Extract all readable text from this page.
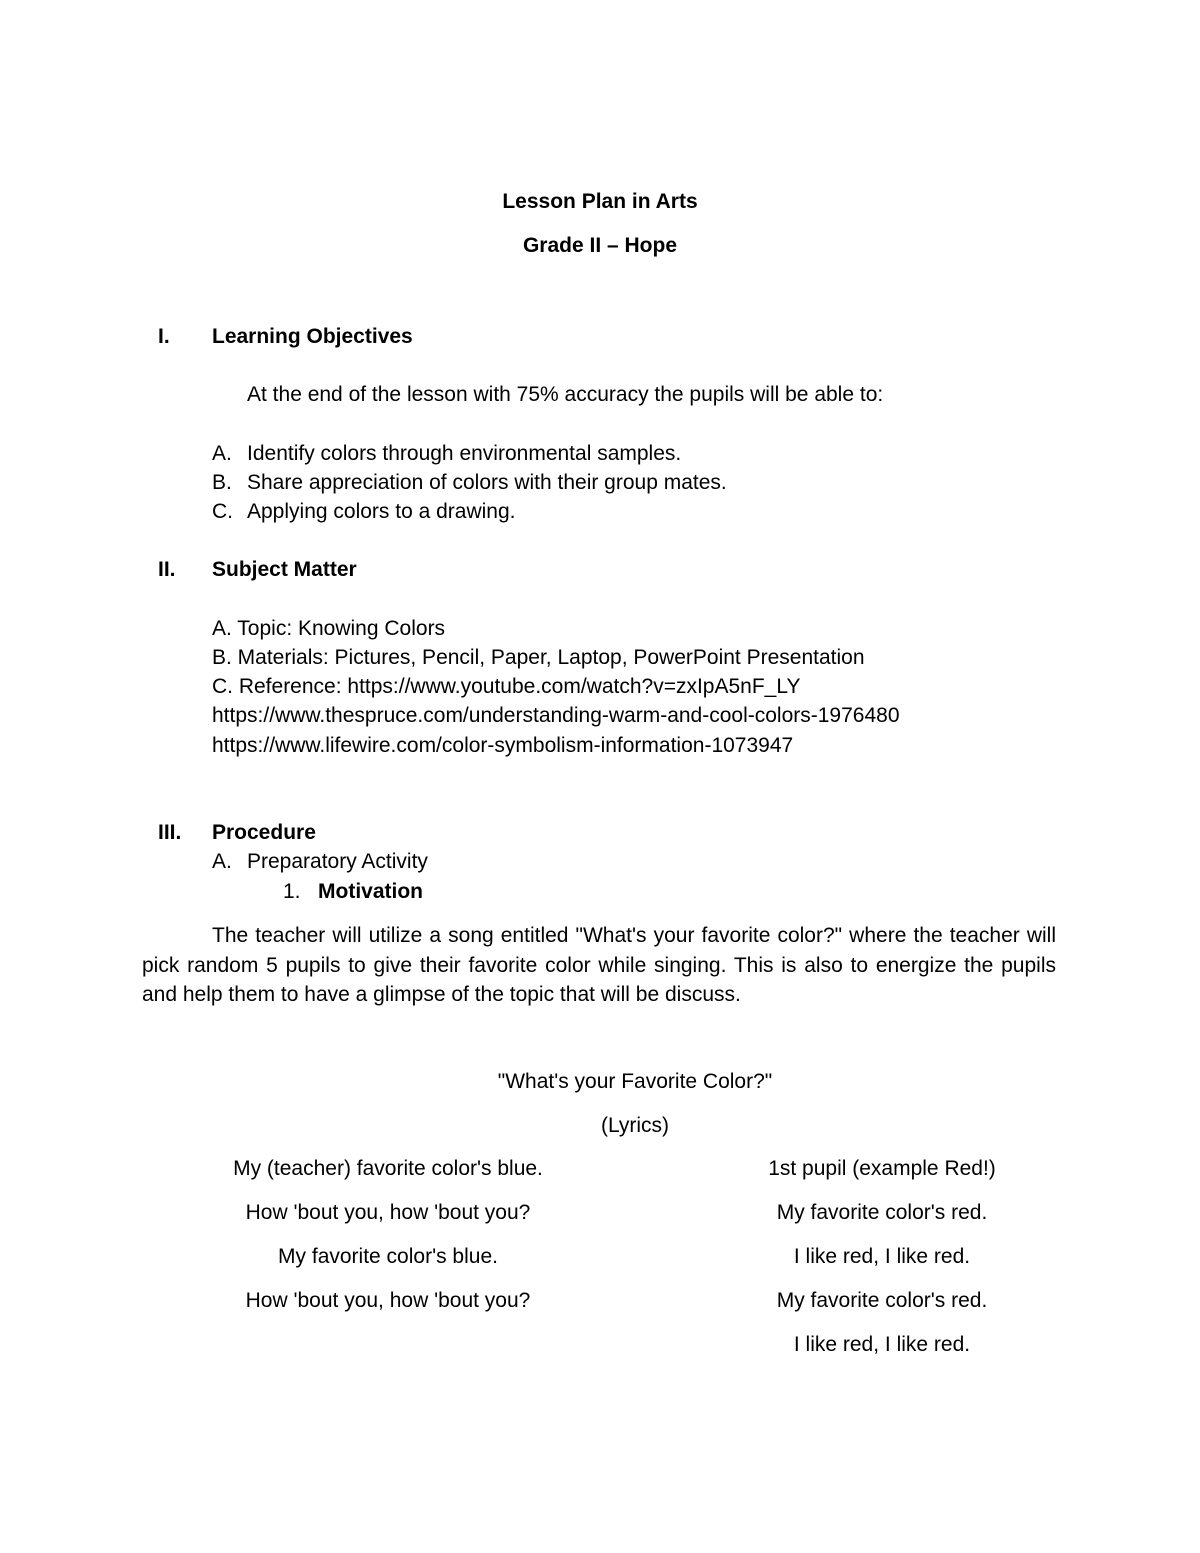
Lesson Plan in Arts
Grade II – Hope
I. Learning Objectives
At the end of the lesson with 75% accuracy the pupils will be able to:
A. Identify colors through environmental samples.
B. Share appreciation of colors with their group mates.
C. Applying colors to a drawing.
II. Subject Matter
A. Topic: Knowing Colors
B. Materials: Pictures, Pencil, Paper, Laptop, PowerPoint Presentation
C. Reference: https://www.youtube.com/watch?v=zxIpA5nF_LY
https://www.thespruce.com/understanding-warm-and-cool-colors-1976480
https://www.lifewire.com/color-symbolism-information-1073947
III. Procedure
A. Preparatory Activity
1. Motivation

The teacher will utilize a song entitled "What's your favorite color?" where the teacher will pick random 5 pupils to give their favorite color while singing. This is also to energize the pupils and help them to have a glimpse of the topic that will be discuss.

"What's your Favorite Color?"
(Lyrics)
My (teacher) favorite color's blue.
How 'bout you, how 'bout you?
My favorite color's blue.
How 'bout you, how 'bout you?
1st pupil (example Red!)
My favorite color's red.
I like red, I like red.
My favorite color's red.
I like red, I like red.
